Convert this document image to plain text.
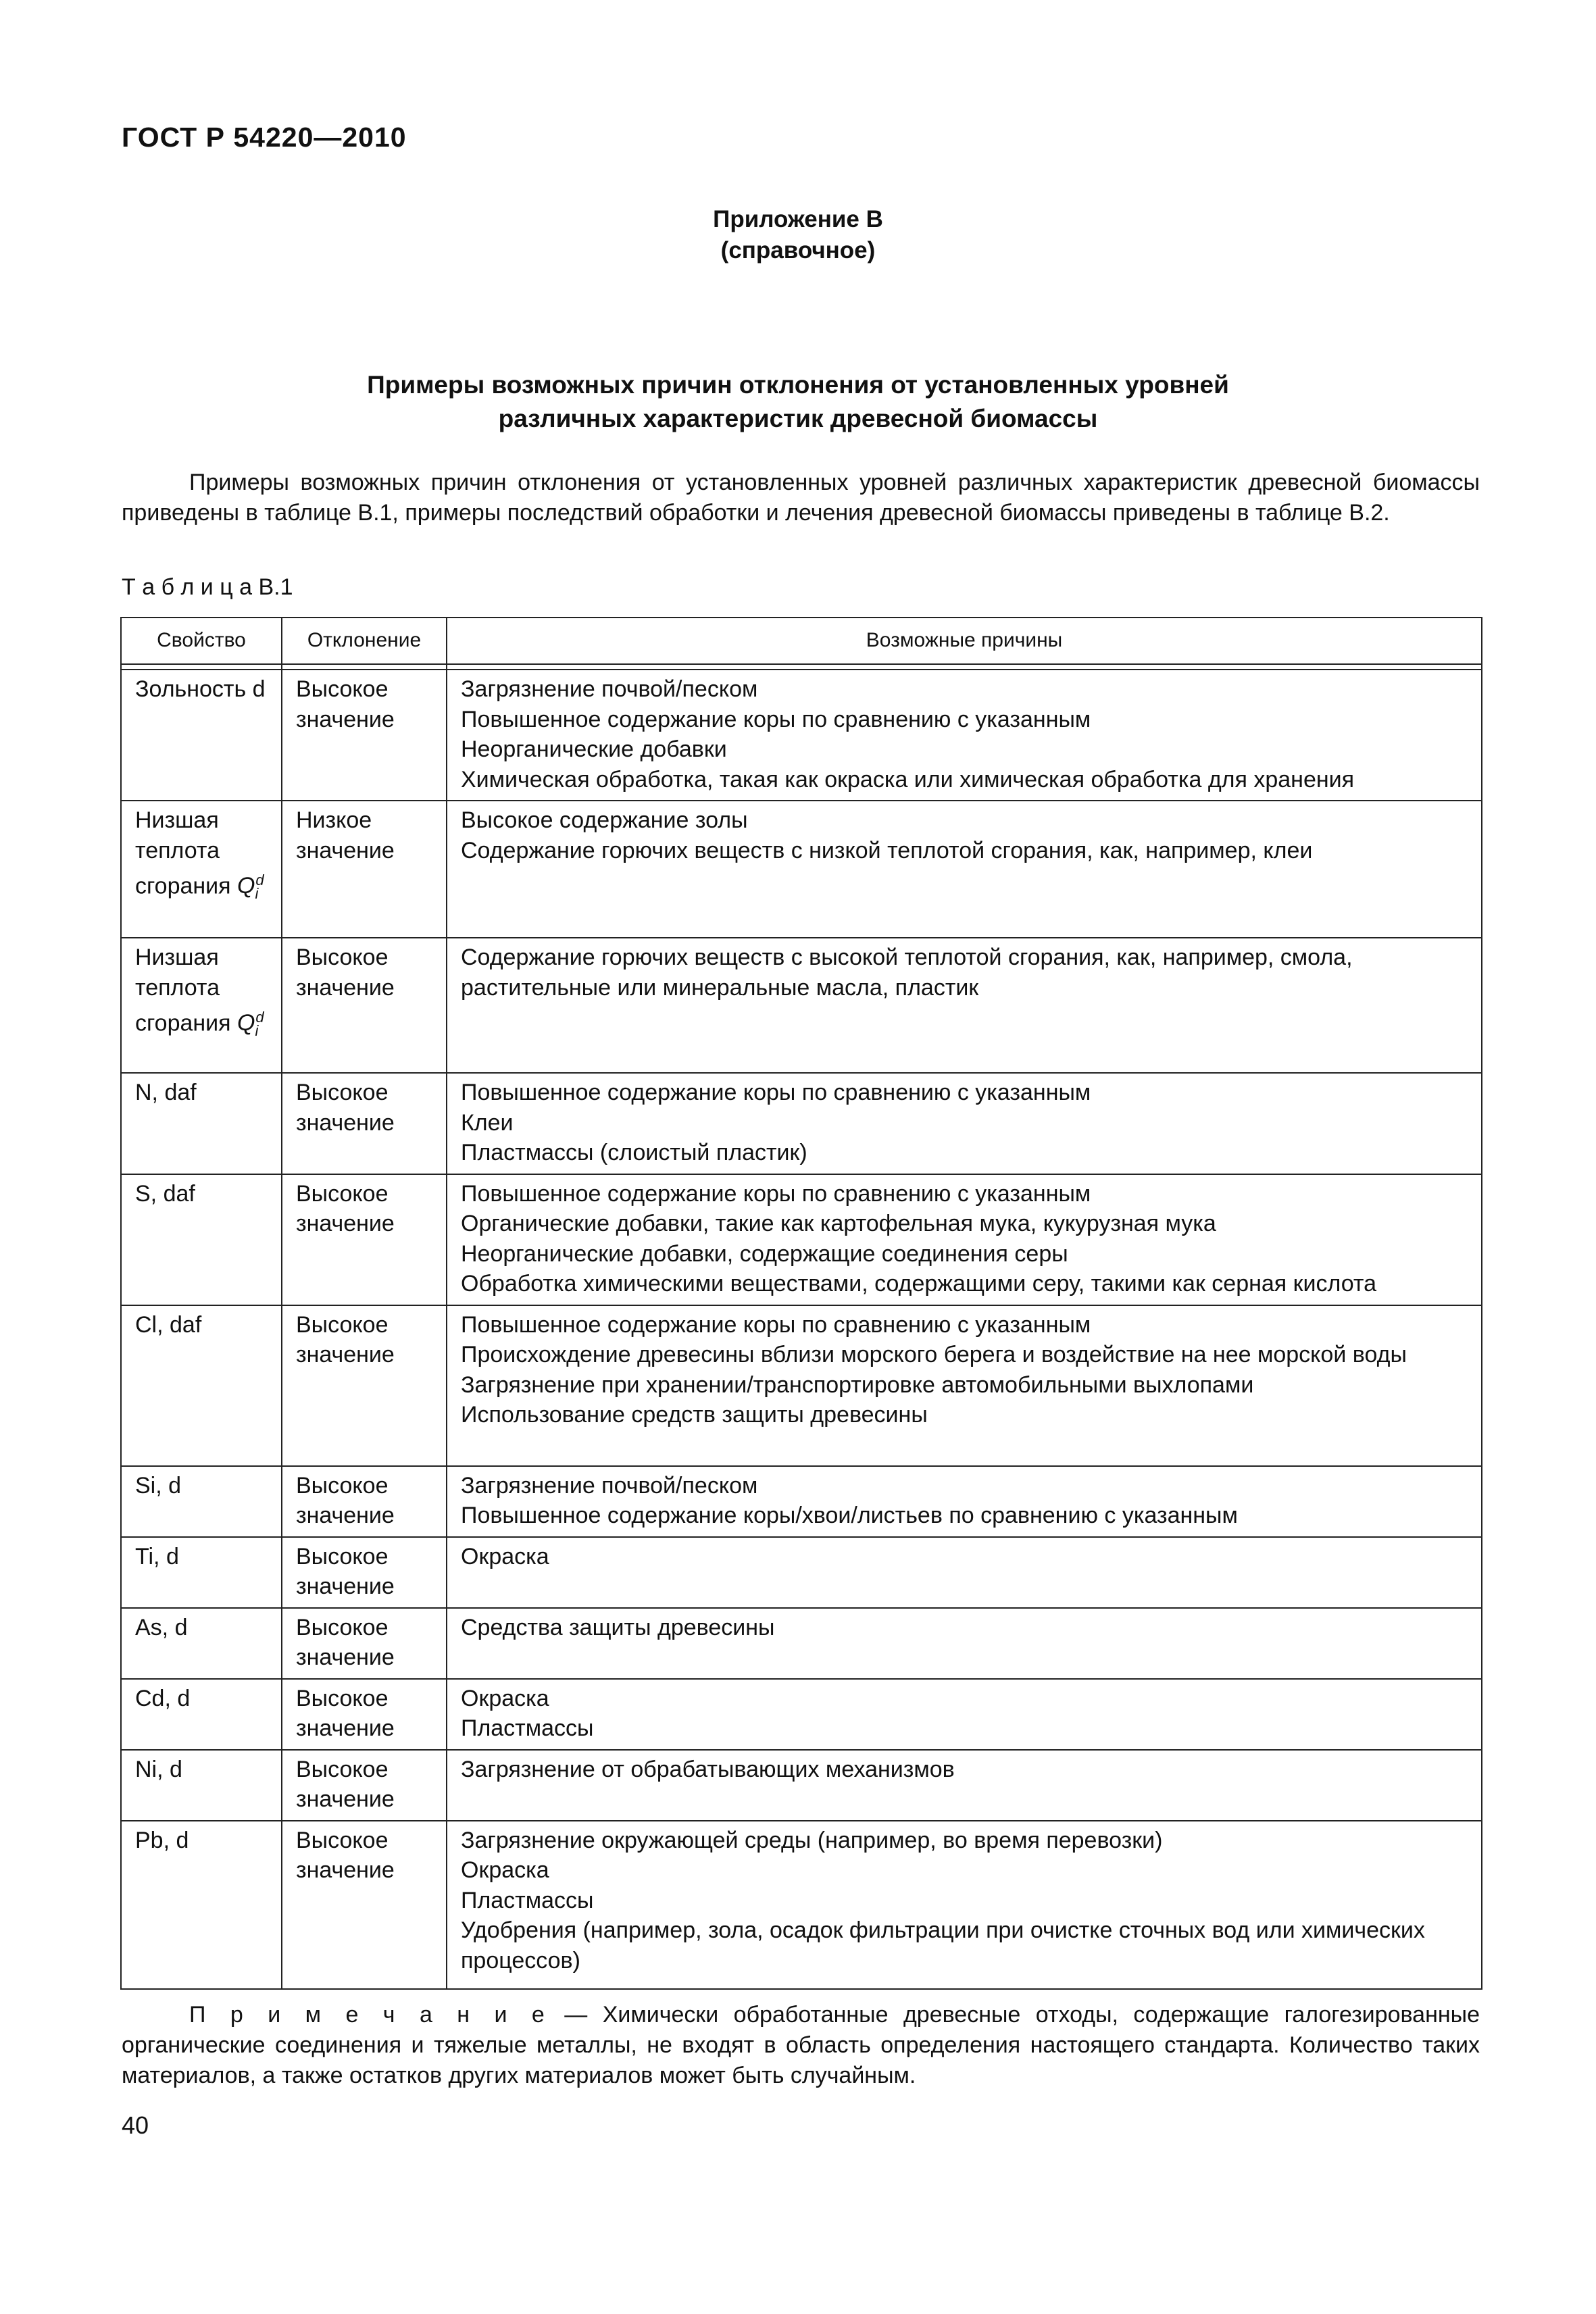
ГОСТ Р 54220—2010
Приложение В
(справочное)
Примеры возможных причин отклонения от установленных уровней
различных характеристик древесной биомассы

Примеры возможных причин отклонения от установленных уровней различных характеристик древесной биомассы приведены в таблице В.1, примеры последствий обработки и лечения древесной биомассы приведены в таблице В.2.

Т а б л и ц а В.1
Свойство	Отклонение	Возможные причины

Зольность d	Высокое значение	Загрязнение почвой/песком
Повышенное содержание коры по сравнению с указанным
Неорганические добавки
Химическая обработка, такая как окраска или химическая обработка для хранения

Низшая теплота сгорания $Q_i^d$	Низкое значение	Высокое содержание золы
Содержание горючих веществ с низкой теплотой сгорания, как, например, клеи

Низшая теплота сгорания $Q_i^d$	Высокое значение	Содержание горючих веществ с высокой теплотой сгорания, как, например, смола, растительные или минеральные масла, пластик

N, daf	Высокое значение	Повышенное содержание коры по сравнению с указанным
Клеи
Пластмассы (слоистый пластик)

S, daf	Высокое значение	Повышенное содержание коры по сравнению с указанным
Органические добавки, такие как картофельная мука, кукурузная мука
Неорганические добавки, содержащие соединения серы
Обработка химическими веществами, содержащими серу, такими как серная кислота

Cl, daf	Высокое значение	Повышенное содержание коры по сравнению с указанным
Происхождение древесины вблизи морского берега и воздействие на нее морской воды
Загрязнение при хранении/транспортировке автомобильными выхлопами
Использование средств защиты древесины

Si, d	Высокое значение	Загрязнение почвой/песком
Повышенное содержание коры/хвои/листьев по сравнению с указанным

Ti, d	Высокое значение	Окраска

As, d	Высокое значение	Средства защиты древесины

Cd, d	Высокое значение	Окраска
Пластмассы

Ni, d	Высокое значение	Загрязнение от обрабатывающих механизмов

Pb, d	Высокое значение	Загрязнение окружающей среды (например, во время перевозки)
Окраска
Пластмассы
Удобрения (например, зола, осадок фильтрации при очистке сточных вод или химических процессов)

П р и м е ч а н и е — Химически обработанные древесные отходы, содержащие галогезированные органические соединения и тяжелые металлы, не входят в область определения настоящего стандарта. Количество таких материалов, а также остатков других материалов может быть случайным.

40
